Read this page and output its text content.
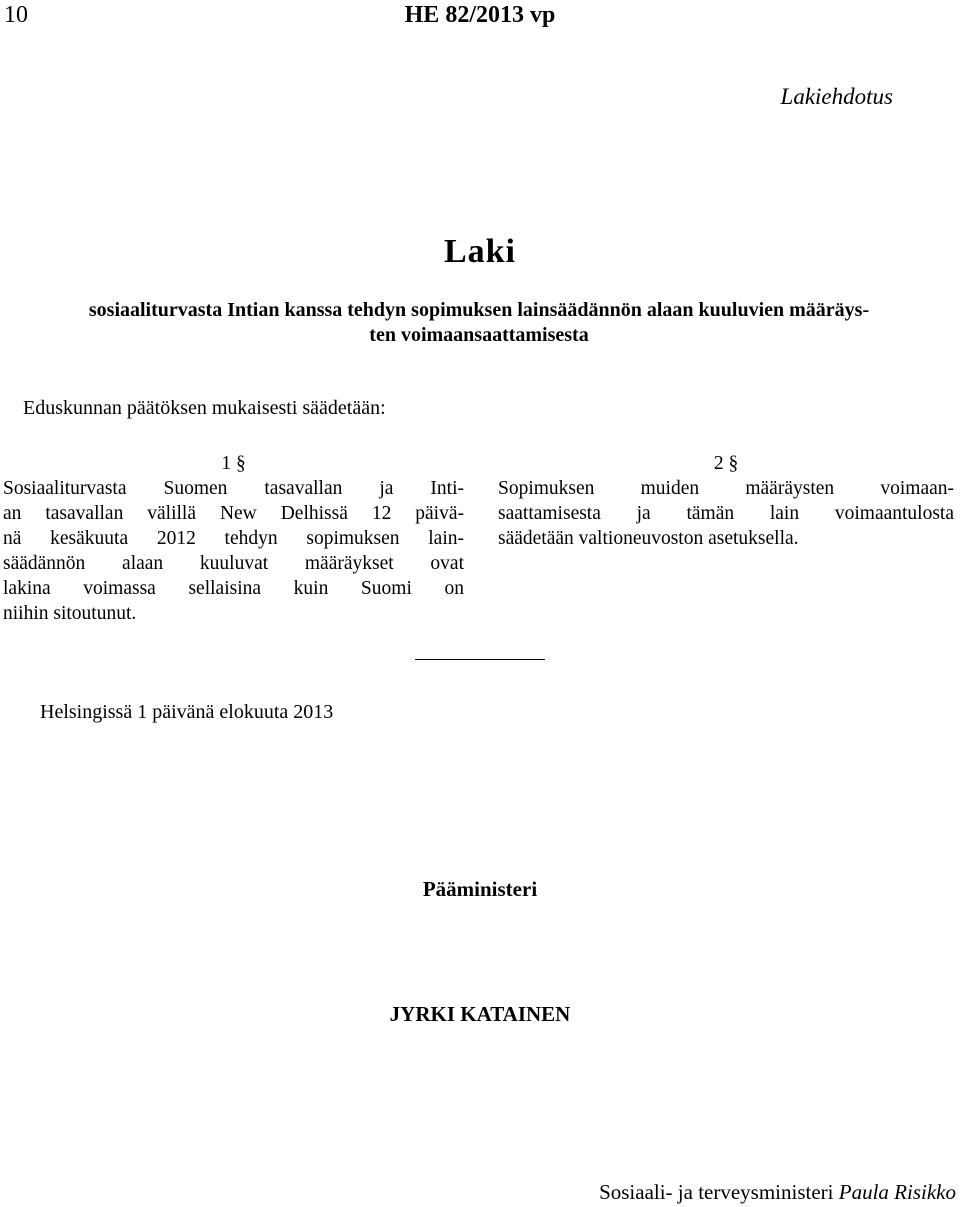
10	HE 82/2013 vp
Lakiehdotus
Laki
sosiaaliturvasta Intian kanssa tehdyn sopimuksen lainsäädännön alaan kuuluvien määräys-
ten voimaansaattamisesta
Eduskunnan päätöksen mukaisesti säädetään:
1 §
Sosiaaliturvasta Suomen tasavallan ja Inti-
an tasavallan välillä New Delhissä 12 päivä-
nä kesäkuuta 2012 tehdyn sopimuksen lain-
säädännön alaan kuuluvat määräykset ovat
lakina voimassa sellaisina kuin Suomi on
niihin sitoutunut.
2 §
Sopimuksen muiden määräysten voimaan-
saattamisesta ja tämän lain voimaantulosta
säädetään valtioneuvoston asetuksella.
Helsingissä 1 päivänä elokuuta 2013
Pääministeri
JYRKI KATAINEN
Sosiaali- ja terveysministeri Paula Risikko
